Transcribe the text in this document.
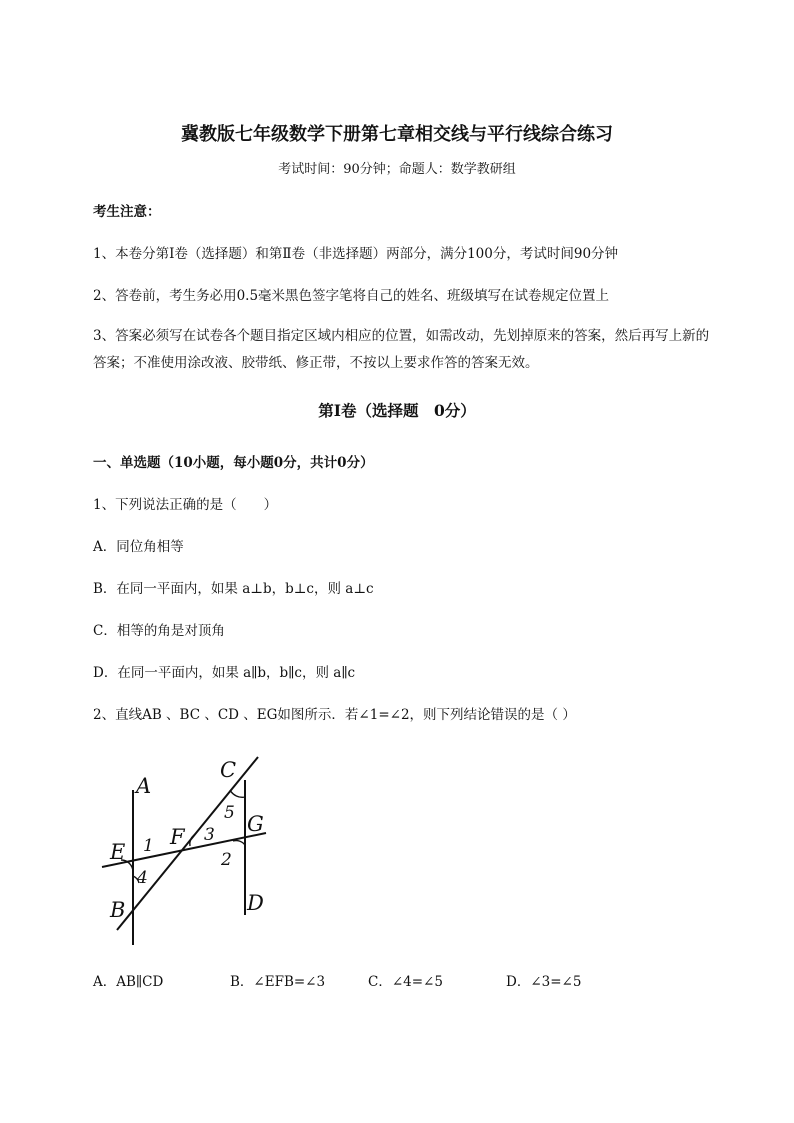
冀教版七年级数学下册第七章相交线与平行线综合练习
考试时间：90分钟；命题人：数学教研组
考生注意：
1、本卷分第I卷（选择题）和第Ⅱ卷（非选择题）两部分，满分100分，考试时间90分钟
2、答卷前，考生务必用0.5毫米黑色签字笔将自己的姓名、班级填写在试卷规定位置上
3、答案必须写在试卷各个题目指定区域内相应的位置，如需改动，先划掉原来的答案，然后再写上新的答案；不准使用涂改液、胶带纸、修正带，不按以上要求作答的答案无效。
第I卷（选择题　0分）
一、单选题（10小题，每小题0分，共计0分）
1、下列说法正确的是（　　）
A．同位角相等
B．在同一平面内，如果 a⊥b，b⊥c，则 a⊥c
C．相等的角是对顶角
D．在同一平面内，如果 a∥b，b∥c，则 a∥c
2、直线AB 、BC 、CD 、EG如图所示．若∠1=∠2，则下列结论错误的是（ ）
A
B
C
D
E
F
G
1
2
3
4
5
A．AB∥CD	B．∠EFB=∠3	C．∠4=∠5	D．∠3=∠5
